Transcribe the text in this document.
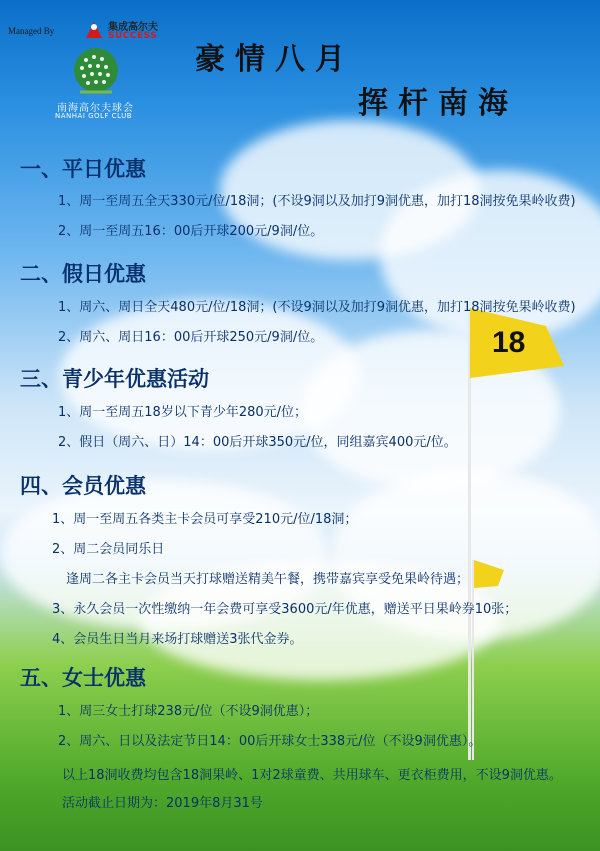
Managed By	集成高尔夫
SUCCESS
南海高尔夫球会
NANHAI GOLF CLUB
豪情八月
挥杆南海
18
一、平日优惠
1、周一至周五全天330元/位/18洞；(不设9洞以及加打9洞优惠，加打18洞按免果岭收费)
2、周一至周五16：00后开球200元/9洞/位。
二、假日优惠
1、周六、周日全天480元/位/18洞；(不设9洞以及加打9洞优惠，加打18洞按免果岭收费)
2、周六、周日16：00后开球250元/9洞/位。
三、青少年优惠活动
1、周一至周五18岁以下青少年280元/位；
2、假日（周六、日）14：00后开球350元/位，同组嘉宾400元/位。
四、会员优惠
1、周一至周五各类主卡会员可享受210元/位/18洞；
2、周二会员同乐日
逢周二各主卡会员当天打球赠送精美午餐，携带嘉宾享受免果岭待遇；
3、永久会员一次性缴纳一年会费可享受3600元/年优惠，赠送平日果岭券10张；
4、会员生日当月来场打球赠送3张代金券。
五、女士优惠
1、周三女士打球238元/位（不设9洞优惠）；
2、周六、日以及法定节日14：00后开球女士338元/位（不设9洞优惠）。
以上18洞收费均包含18洞果岭、1对2球童费、共用球车、更衣柜费用，不设9洞优惠。
活动截止日期为：2019年8月31号
